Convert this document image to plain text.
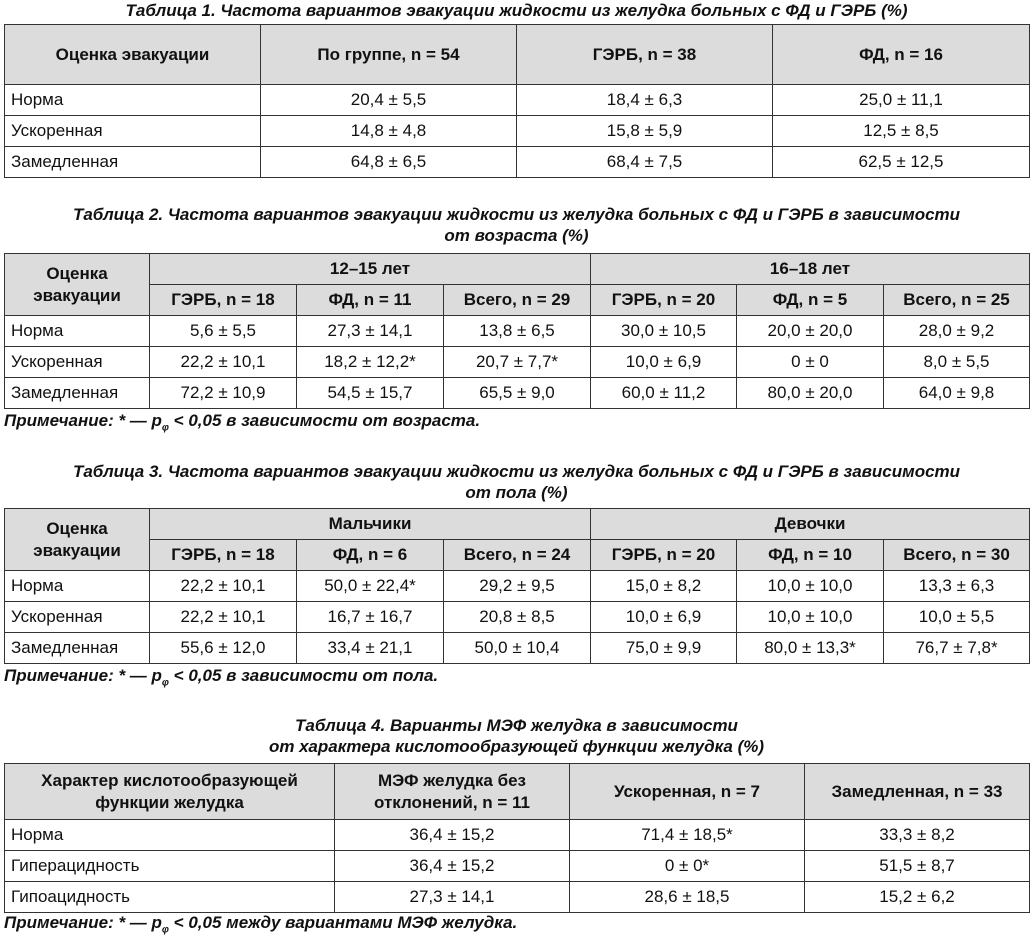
Таблица 1. Частота вариантов эвакуации жидкости из желудка больных с ФД и ГЭРБ (%)
Оценка эвакуации	По группе, n = 54	ГЭРБ, n = 38	ФД, n = 16
Норма	20,4 ± 5,5	18,4 ± 6,3	25,0 ± 11,1
Ускоренная	14,8 ± 4,8	15,8 ± 5,9	12,5 ± 8,5
Замедленная	64,8 ± 6,5	68,4 ± 7,5	62,5 ± 12,5
Таблица 2. Частота вариантов эвакуации жидкости из желудка больных с ФД и ГЭРБ в зависимости
от возраста (%)
Оценка эвакуации	12–15 лет			16–18 лет		
	ГЭРБ, n = 18	ФД, n = 11	Всего, n = 29	ГЭРБ, n = 20	ФД, n = 5	Всего, n = 25
Норма	5,6 ± 5,5	27,3 ± 14,1	13,8 ± 6,5	30,0 ± 10,5	20,0 ± 20,0	28,0 ± 9,2
Ускоренная	22,2 ± 10,1	18,2 ± 12,2*	20,7 ± 7,7*	10,0 ± 6,9	0 ± 0	8,0 ± 5,5
Замедленная	72,2 ± 10,9	54,5 ± 15,7	65,5 ± 9,0	60,0 ± 11,2	80,0 ± 20,0	64,0 ± 9,8
Примечание: * — $р_\varphi < 0,05$ в зависимости от возраста.
Таблица 3. Частота вариантов эвакуации жидкости из желудка больных с ФД и ГЭРБ в зависимости
от пола (%)
Оценка эвакуации	Мальчики			Девочки		
	ГЭРБ, n = 18	ФД, n = 6	Всего, n = 24	ГЭРБ, n = 20	ФД, n = 10	Всего, n = 30
Норма	22,2 ± 10,1	50,0 ± 22,4*	29,2 ± 9,5	15,0 ± 8,2	10,0 ± 10,0	13,3 ± 6,3
Ускоренная	22,2 ± 10,1	16,7 ± 16,7	20,8 ± 8,5	10,0 ± 6,9	10,0 ± 10,0	10,0 ± 5,5
Замедленная	55,6 ± 12,0	33,4 ± 21,1	50,0 ± 10,4	75,0 ± 9,9	80,0 ± 13,3*	76,7 ± 7,8*
Примечание: * — $р_\varphi < 0,05$ в зависимости от пола.
Таблица 4. Варианты МЭФ желудка в зависимости
от характера кислотообразующей функции желудка (%)
Характер кислотообразующей функции желудка	МЭФ желудка без отклонений, n = 11	Ускоренная, n = 7	Замедленная, n = 33
Норма	36,4 ± 15,2	71,4 ± 18,5*	33,3 ± 8,2
Гиперацидность	36,4 ± 15,2	0 ± 0*	51,5 ± 8,7
Гипоацидность	27,3 ± 14,1	28,6 ± 18,5	15,2 ± 6,2
Примечание: * — $р_\varphi < 0,05$ между вариантами МЭФ желудка.
